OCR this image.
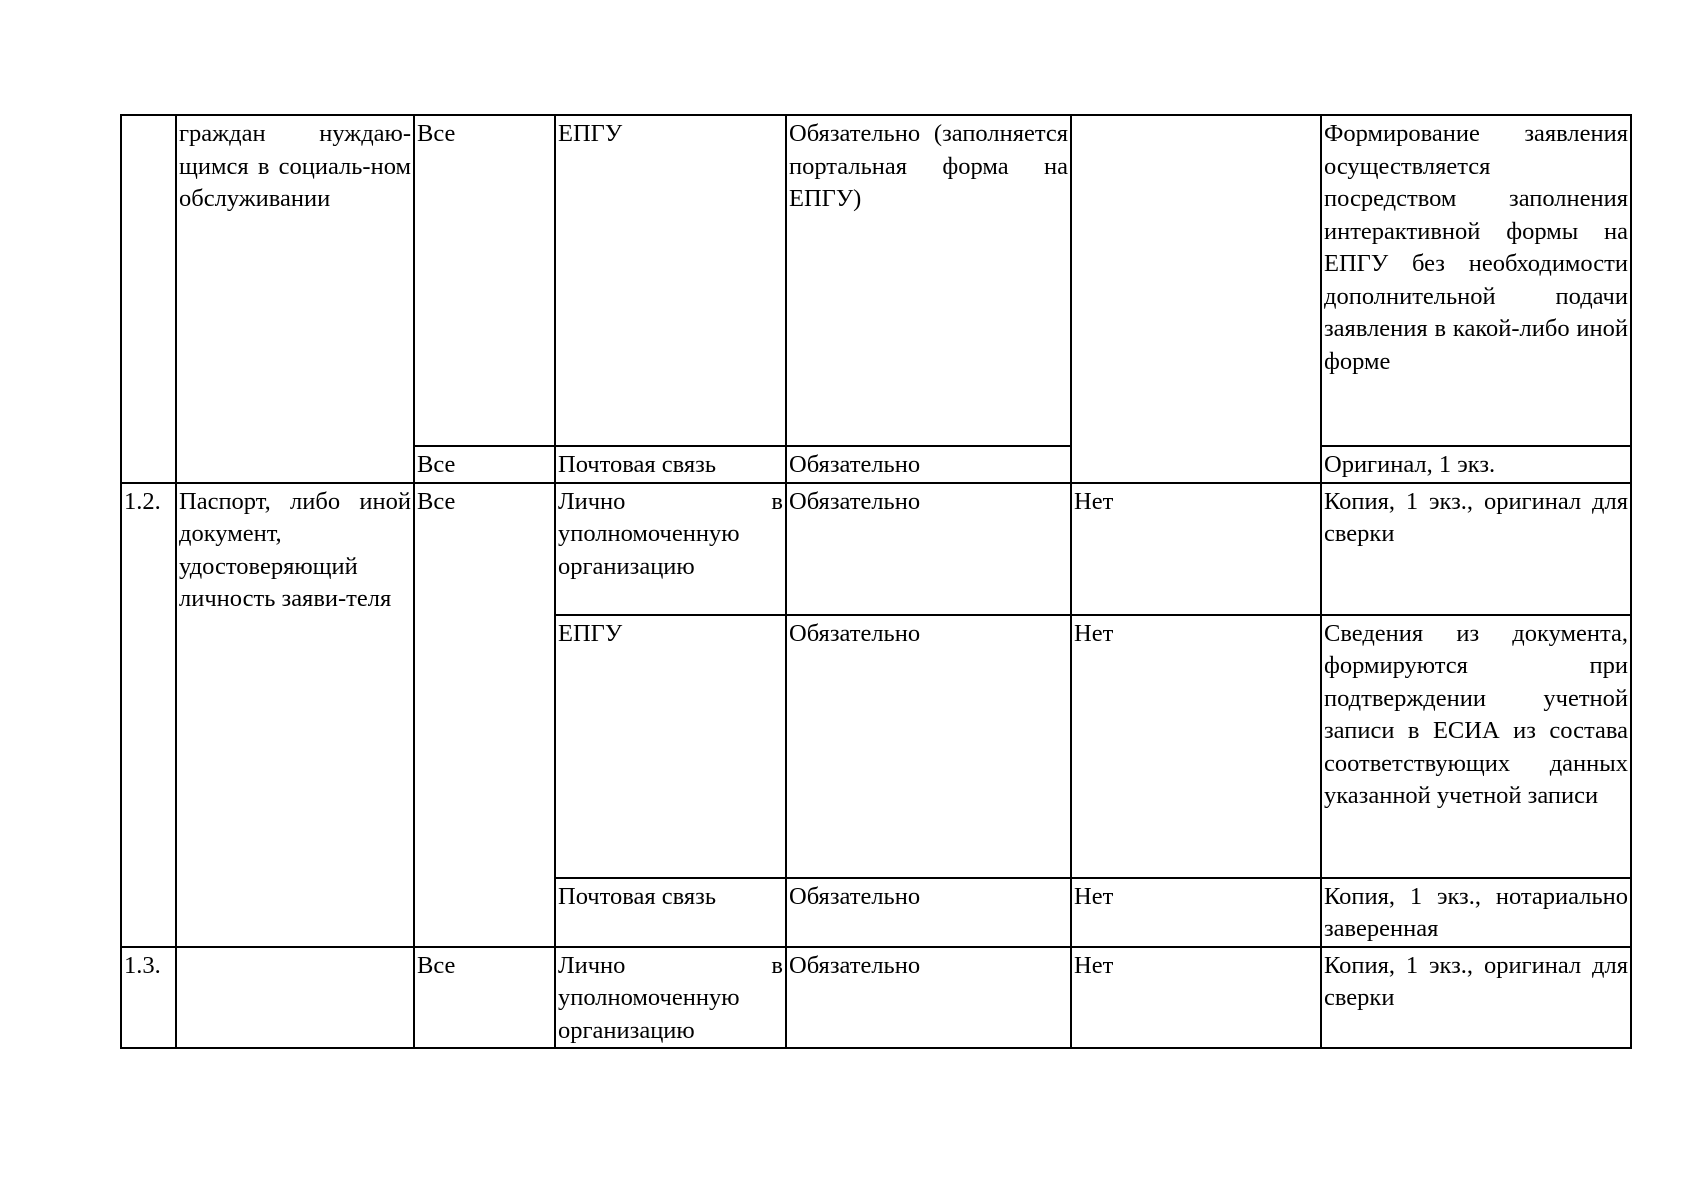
	граждан нуждаю-щимся в социаль-ном обслуживании	Все	ЕПГУ	Обязательно (заполняется портальная форма на ЕПГУ)		Формирование заявления осуществляется посредством заполнения интерактивной формы на ЕПГУ без необходимости дополнительной подачи заявления в какой-либо иной форме
		Все	Почтовая связь	Обязательно		Оригинал, 1 экз.
1.2.	Паспорт, либо иной документ, удостоверяющий личность заяви-теля	Все	Лично в уполномоченную организацию	Обязательно	Нет	Копия, 1 экз., оригинал для сверки
			ЕПГУ	Обязательно	Нет	Сведения из документа, формируются при подтверждении учетной записи в ЕСИА из состава соответствующих данных указанной учетной записи
			Почтовая связь	Обязательно	Нет	Копия, 1 экз., нотариально заверенная
1.3.		Все	Лично в уполномоченную организацию	Обязательно	Нет	Копия, 1 экз., оригинал для сверки
